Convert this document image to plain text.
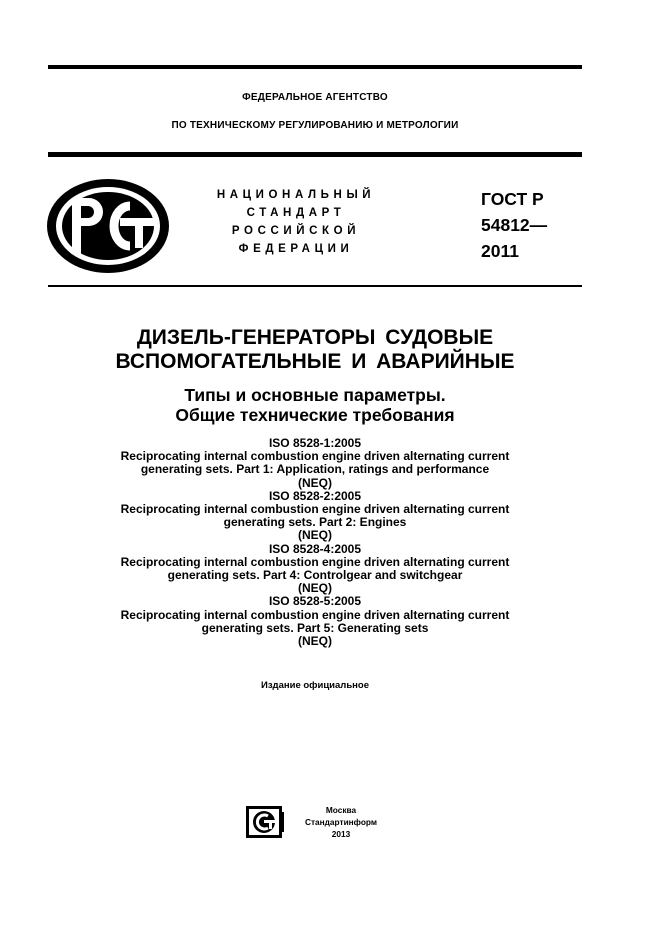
ФЕДЕРАЛЬНОЕ АГЕНТСТВО
ПО ТЕХНИЧЕСКОМУ РЕГУЛИРОВАНИЮ И МЕТРОЛОГИИ
НАЦИОНАЛЬНЫЙ
СТАНДАРТ
РОССИЙСКОЙ
ФЕДЕРАЦИИ
ГОСТ Р
54812—
2011
ДИЗЕЛЬ-ГЕНЕРАТОРЫ СУДОВЫЕ
ВСПОМОГАТЕЛЬНЫЕ И АВАРИЙНЫЕ
Типы и основные параметры.
Общие технические требования
ISO 8528-1:2005
Reciprocating internal combustion engine driven alternating current
generating sets. Part 1: Application, ratings and performance
(NEQ)
ISO 8528-2:2005
Reciprocating internal combustion engine driven alternating current
generating sets. Part 2: Engines
(NEQ)
ISO 8528-4:2005
Reciprocating internal combustion engine driven alternating current
generating sets. Part 4: Controlgear and switchgear
(NEQ)
ISO 8528-5:2005
Reciprocating internal combustion engine driven alternating current
generating sets. Part 5: Generating sets
(NEQ)
Издание официальное
Москва
Стандартинформ
2013
